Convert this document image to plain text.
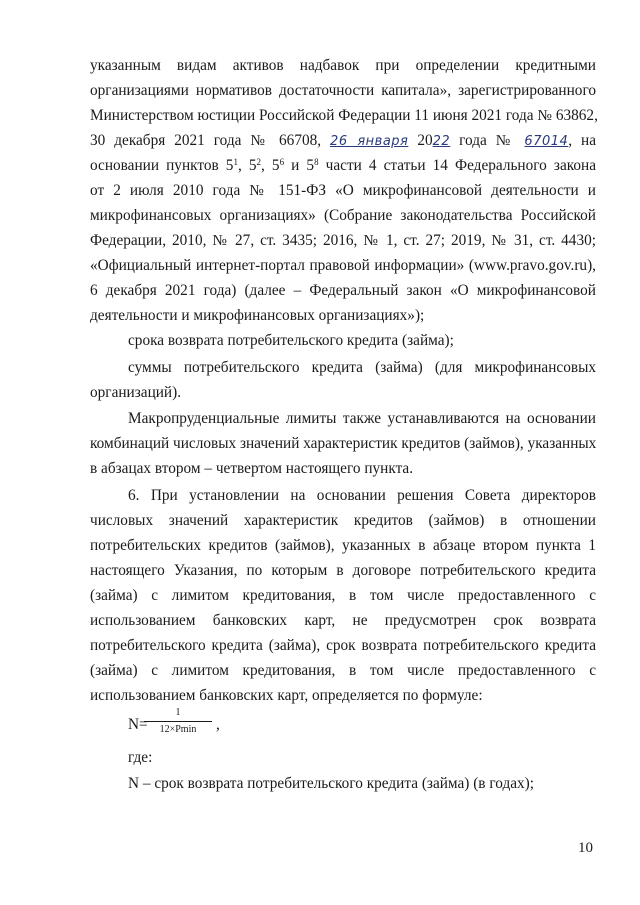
указанным видам активов надбавок при определении кредитными
организациями нормативов достаточности капитала», зарегистрированного
Министерством юстиции Российской Федерации 11 июня 2021 года № 63862,
30 декабря 2021 года № 66708, 26 января 2022 года № 67014, на
основании пунктов $5^1$, $5^2$, $5^6$ и $5^8$ части 4 статьи 14 Федерального закона
от 2 июля 2010 года № 151-ФЗ «О микрофинансовой деятельности и
микрофинансовых организациях» (Собрание законодательства Российской
Федерации, 2010, № 27, ст. 3435; 2016, № 1, ст. 27; 2019, № 31, ст. 4430;
«Официальный интернет-портал правовой информации» (www.pravo.gov.ru),
6 декабря 2021 года) (далее – Федеральный закон «О микрофинансовой
деятельности и микрофинансовых организациях»);
срока возврата потребительского кредита (займа);
суммы потребительского кредита (займа) (для микрофинансовых
организаций).
Макропруденциальные лимиты также устанавливаются на основании
комбинаций числовых значений характеристик кредитов (займов), указанных
в абзацах втором – четвертом настоящего пункта.
6. При установлении на основании решения Совета директоров
числовых значений характеристик кредитов (займов) в отношении
потребительских кредитов (займов), указанных в абзаце втором пункта 1
настоящего Указания, по которым в договоре потребительского кредита
(займа) с лимитом кредитования, в том числе предоставленного с
использованием банковских карт, не предусмотрен срок возврата
потребительского кредита (займа), срок возврата потребительского кредита
(займа) с лимитом кредитования, в том числе предоставленного с
использованием банковских карт, определяется по формуле:
N=
1
12×Pmin	,
где:
N – срок возврата потребительского кредита (займа) (в годах);
10
